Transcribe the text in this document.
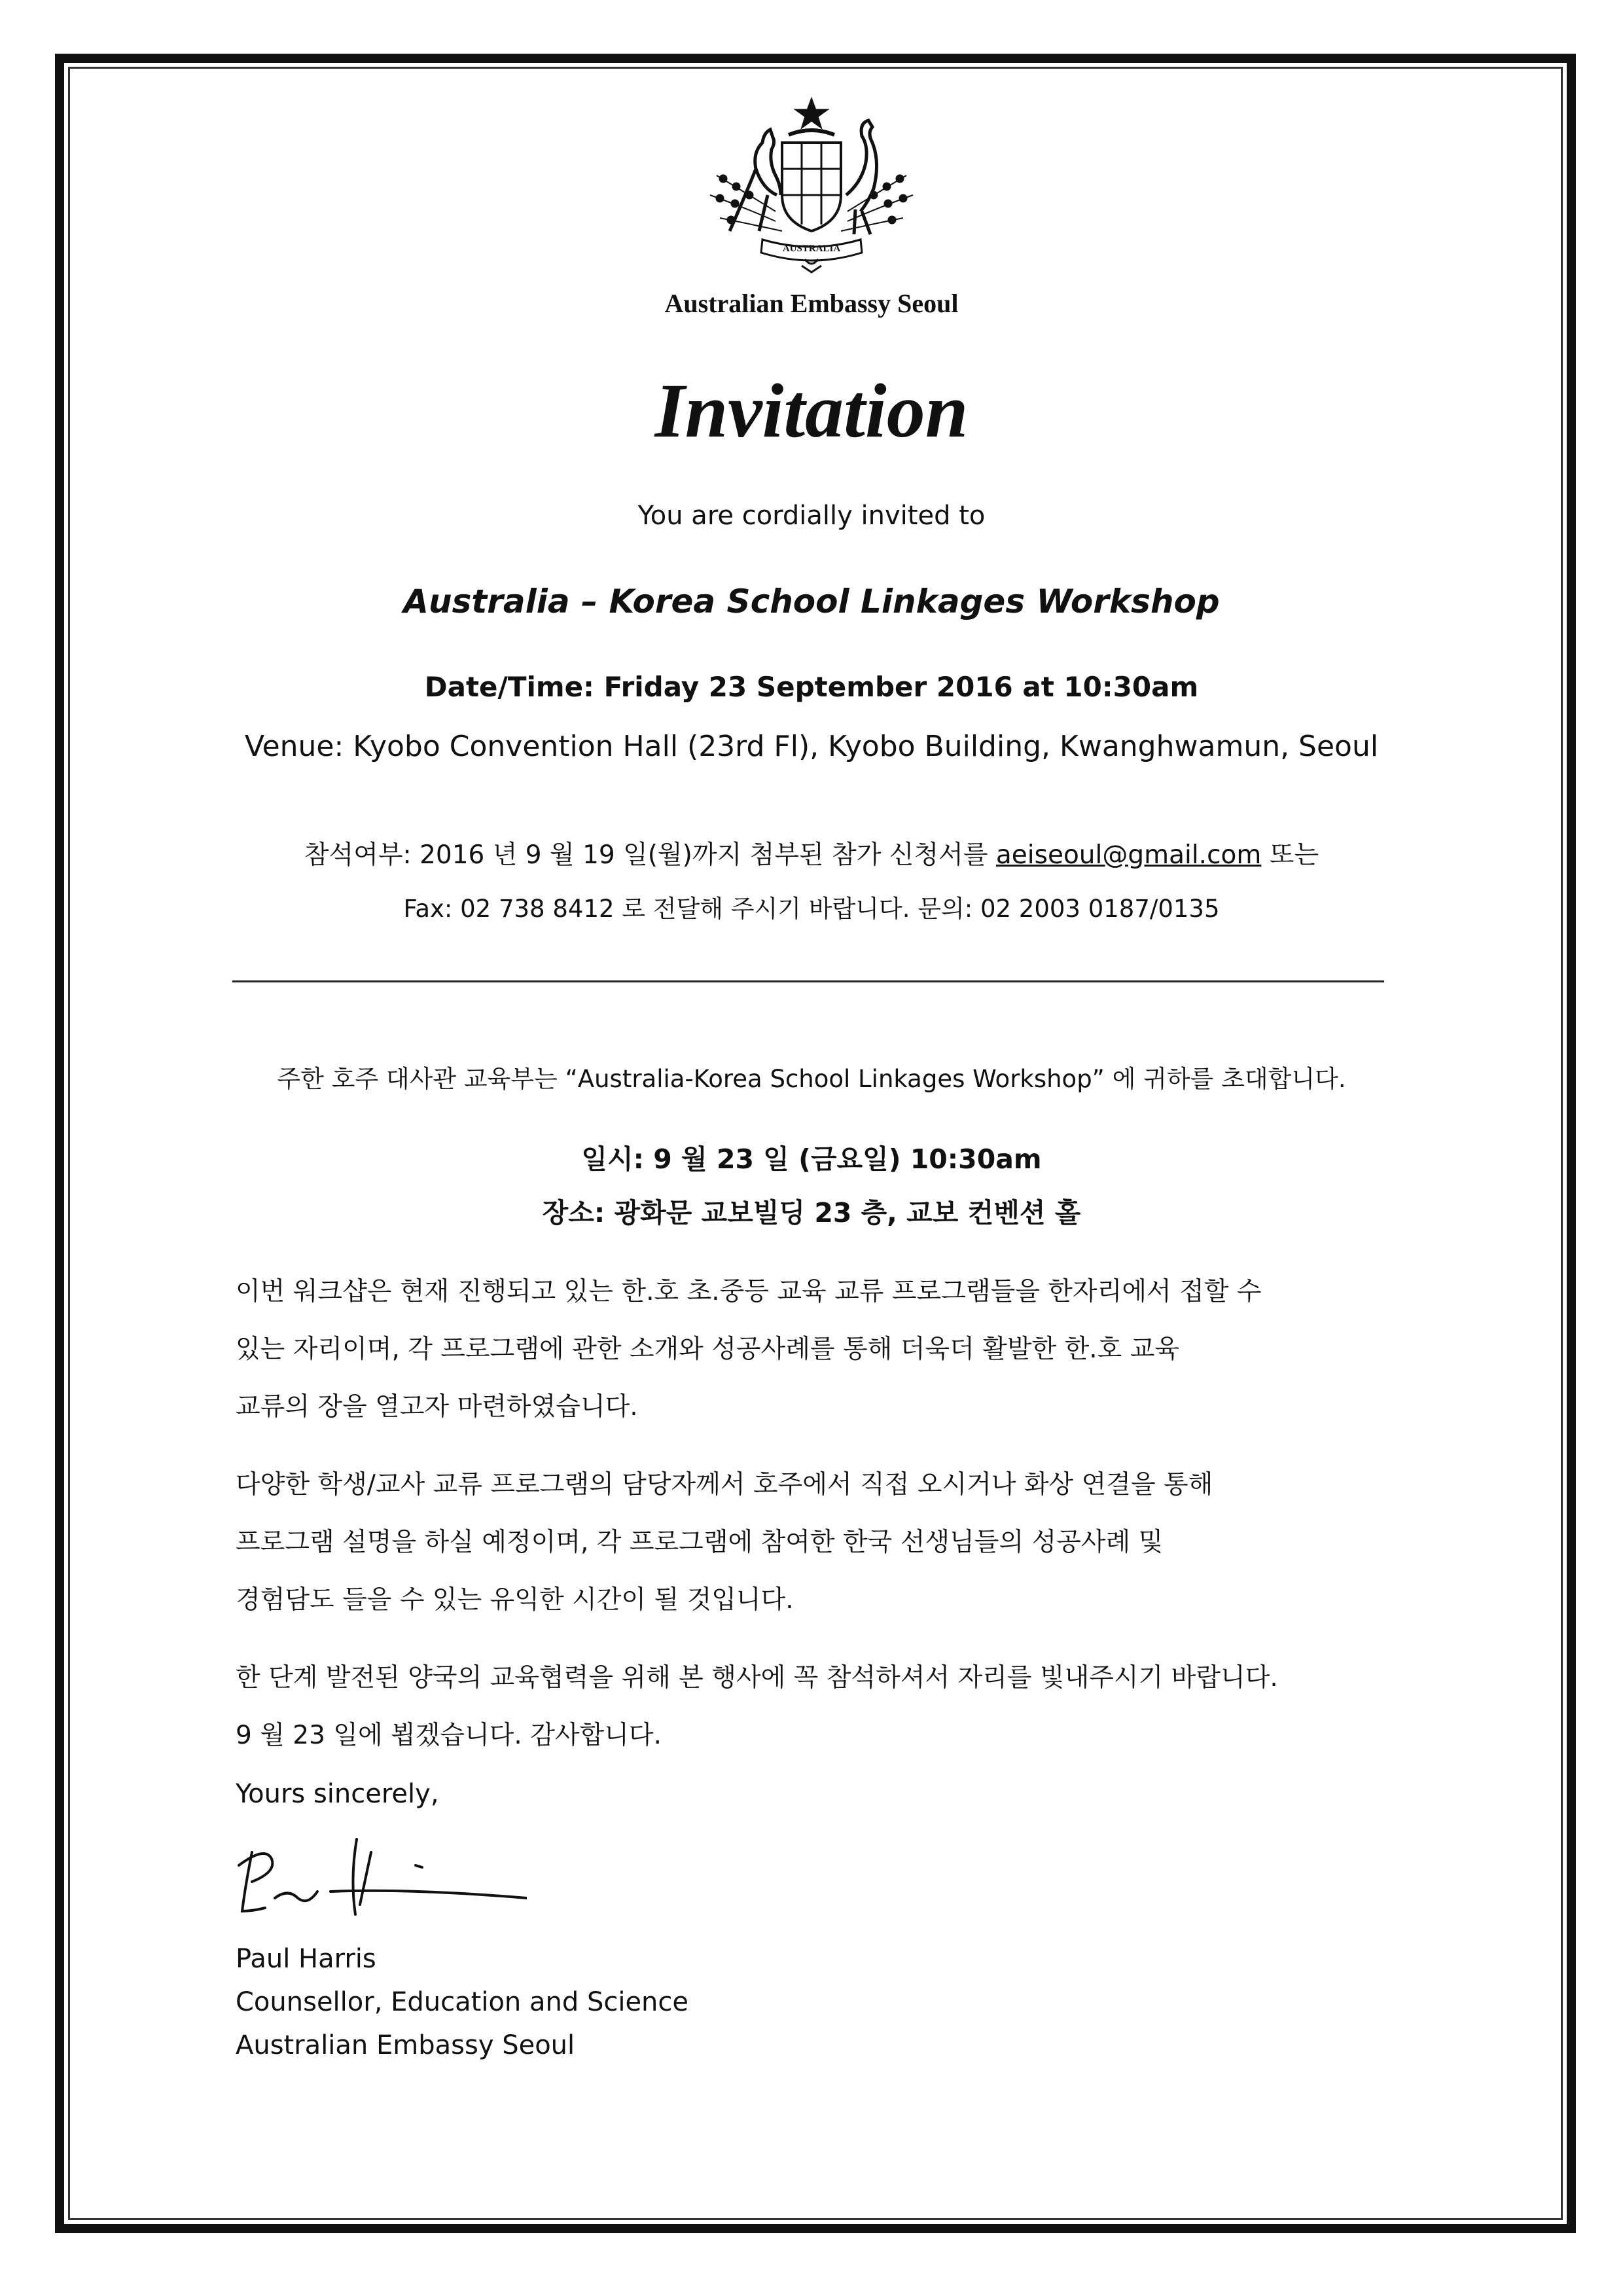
AUSTRALIA
Australian Embassy Seoul
Invitation
You are cordially invited to
Australia – Korea School Linkages Workshop
Date/Time: Friday 23 September 2016 at 10:30am
Venue: Kyobo Convention Hall (23rd Fl), Kyobo Building, Kwanghwamun, Seoul
참석여부: 2016 년 9 월 19 일(월)까지 첨부된 참가 신청서를 aeiseoul@gmail.com 또는
Fax: 02 738 8412 로 전달해 주시기 바랍니다. 문의: 02 2003 0187/0135
주한 호주 대사관 교육부는 “Australia-Korea School Linkages Workshop” 에 귀하를 초대합니다.
일시: 9 월 23 일 (금요일) 10:30am
장소: 광화문 교보빌딩 23 층, 교보 컨벤션 홀
이번 워크샵은 현재 진행되고 있는 한.호 초.중등 교육 교류 프로그램들을 한자리에서 접할 수
있는 자리이며, 각 프로그램에 관한 소개와 성공사례를 통해 더욱더 활발한 한.호 교육
교류의 장을 열고자 마련하였습니다.
다양한 학생/교사 교류 프로그램의 담당자께서 호주에서 직접 오시거나 화상 연결을 통해
프로그램 설명을 하실 예정이며, 각 프로그램에 참여한 한국 선생님들의 성공사례 및
경험담도 들을 수 있는 유익한 시간이 될 것입니다.
한 단계 발전된 양국의 교육협력을 위해 본 행사에 꼭 참석하셔서 자리를 빛내주시기 바랍니다.
9 월 23 일에 뵙겠습니다. 감사합니다.
Yours sincerely,
Paul Harris
Counsellor, Education and Science
Australian Embassy Seoul
